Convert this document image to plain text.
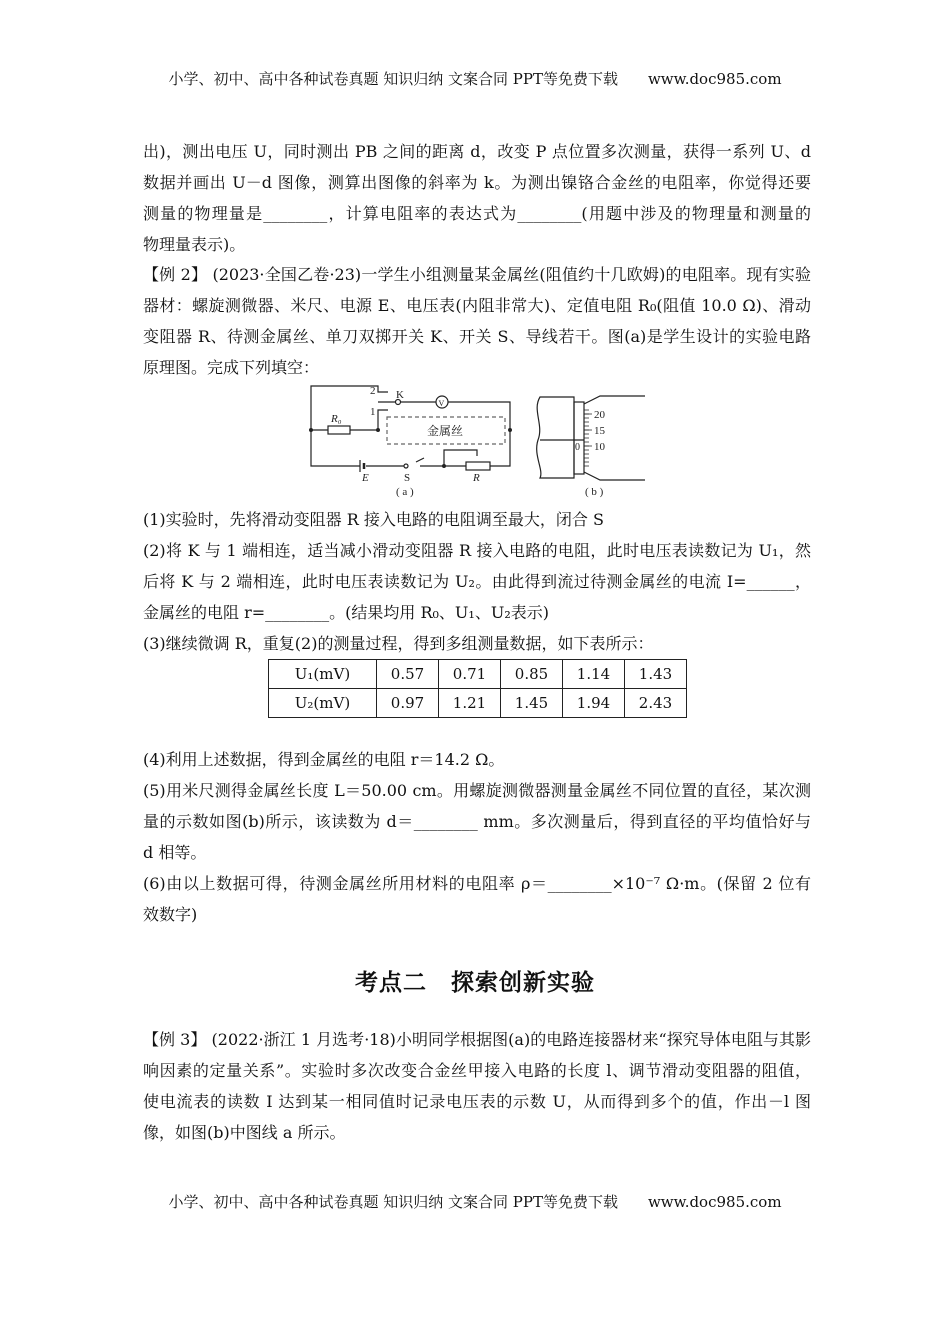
小学、初中、高中各种试卷真题 知识归纳 文案合同 PPT等免费下载 www.doc985.com
2
1
K
V
R₀
金属丝
E	S	R
( a )
20
15
10
0
( b )
U₁(mV)	0.57	0.71	0.85	1.14	1.43
U₂(mV)	0.97	1.21	1.45	1.94	2.43
考点二　探索创新实验
小学、初中、高中各种试卷真题 知识归纳 文案合同 PPT等免费下载 www.doc985.com
出)，测出电压 U，同时测出 PB 之间的距离 d，改变 P 点位置多次测量，获得一系列 U、d
数据并画出 U－d 图像，测算出图像的斜率为 k。为测出镍铬合金丝的电阻率，你觉得还要
测量的物理量是________，计算电阻率的表达式为________(用题中涉及的物理量和测量的
物理量表示)。
【例 2】 (2023·全国乙卷·23)一学生小组测量某金属丝(阻值约十几欧姆)的电阻率。现有实验
器材：螺旋测微器、米尺、电源 E、电压表(内阻非常大)、定值电阻 R₀(阻值 10.0 Ω)、滑动
变阻器 R、待测金属丝、单刀双掷开关 K、开关 S、导线若干。图(a)是学生设计的实验电路
原理图。完成下列填空：
(1)实验时，先将滑动变阻器 R 接入电路的电阻调至最大，闭合 S
(2)将 K 与 1 端相连，适当减小滑动变阻器 R 接入电路的电阻，此时电压表读数记为 U₁，然
后将 K 与 2 端相连，此时电压表读数记为 U₂。由此得到流过待测金属丝的电流 I=______，
金属丝的电阻 r=________。(结果均用 R₀、U₁、U₂表示)
(3)继续微调 R，重复(2)的测量过程，得到多组测量数据，如下表所示：
(4)利用上述数据，得到金属丝的电阻 r＝14.2 Ω。
(5)用米尺测得金属丝长度 L＝50.00 cm。用螺旋测微器测量金属丝不同位置的直径，某次测
量的示数如图(b)所示，该读数为 d＝________ mm。多次测量后，得到直径的平均值恰好与
d 相等。
(6)由以上数据可得，待测金属丝所用材料的电阻率 ρ＝________×10⁻⁷ Ω·m。(保留 2 位有
效数字)
【例 3】 (2022·浙江 1 月选考·18)小明同学根据图(a)的电路连接器材来“探究导体电阻与其影
响因素的定量关系”。实验时多次改变合金丝甲接入电路的长度 l、调节滑动变阻器的阻值，
使电流表的读数 I 达到某一相同值时记录电压表的示数 U，从而得到多个的值，作出－l 图
像，如图(b)中图线 a 所示。
